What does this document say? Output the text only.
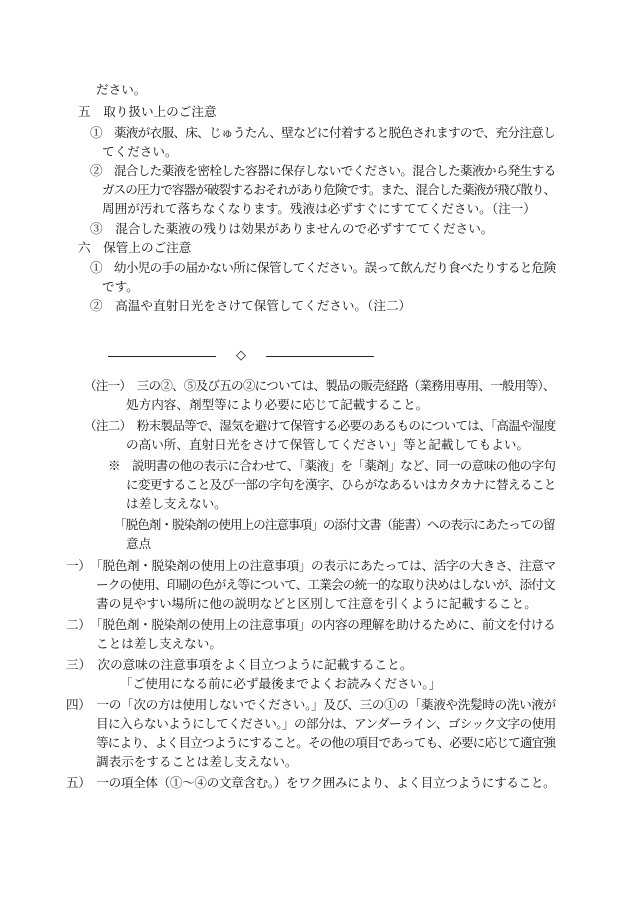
ださい。
五　取り扱い上のご注意
①　薬液が衣服、床、じゅうたん、壁などに付着すると脱色されますので、充分注意し
てください。
②　混合した薬液を密栓した容器に保存しないでください。混合した薬液から発生する
ガスの圧力で容器が破裂するおそれがあり危険です。また、混合した薬液が飛び散り、
周囲が汚れて落ちなくなります。残液は必ずすぐにすててください。（注一）
③　混合した薬液の残りは効果がありませんので必ずすててください。
六　保管上のご注意
①　幼小児の手の届かない所に保管してください。誤って飲んだり食べたりすると危険
です。
②　高温や直射日光をさけて保管してください。（注二）
◇
（注一）　三の②、⑤及び五の②については、製品の販売経路（業務用専用、一般用等）、
処方内容、剤型等により必要に応じて記載すること。
（注二）　粉末製品等で、湿気を避けて保管する必要のあるものについては、「高温や湿度
の高い所、直射日光をさけて保管してください」等と記載してもよい。
※　説明書の他の表示に合わせて、「薬液」を「薬剤」など、同一の意味の他の字句
に変更すること及び一部の字句を漢字、ひらがなあるいはカタカナに替えること
は差し支えない。
「脱色剤・脱染剤の使用上の注意事項」の添付文書（能書）への表示にあたっての留
意点
一）　「脱色剤・脱染剤の使用上の注意事項」の表示にあたっては、活字の大きさ、注意マ
ークの使用、印刷の色がえ等について、工業会の統一的な取り決めはしないが、添付文
書の見やすい場所に他の説明などと区別して注意を引くように記載すること。
二）　「脱色剤・脱染剤の使用上の注意事項」の内容の理解を助けるために、前文を付ける
ことは差し支えない。
三）　次の意味の注意事項をよく目立つように記載すること。
「ご使用になる前に必ず最後までよくお読みください。」
四）　一の「次の方は使用しないでください。」及び、三の①の「薬液や洗髪時の洗い液が
目に入らないようにしてください。」の部分は、アンダーライン、ゴシック文字の使用
等により、よく目立つようにすること。その他の項目であっても、必要に応じて適宜強
調表示をすることは差し支えない。
五）　一の項全体（①～④の文章含む。）をワク囲みにより、よく目立つようにすること。
